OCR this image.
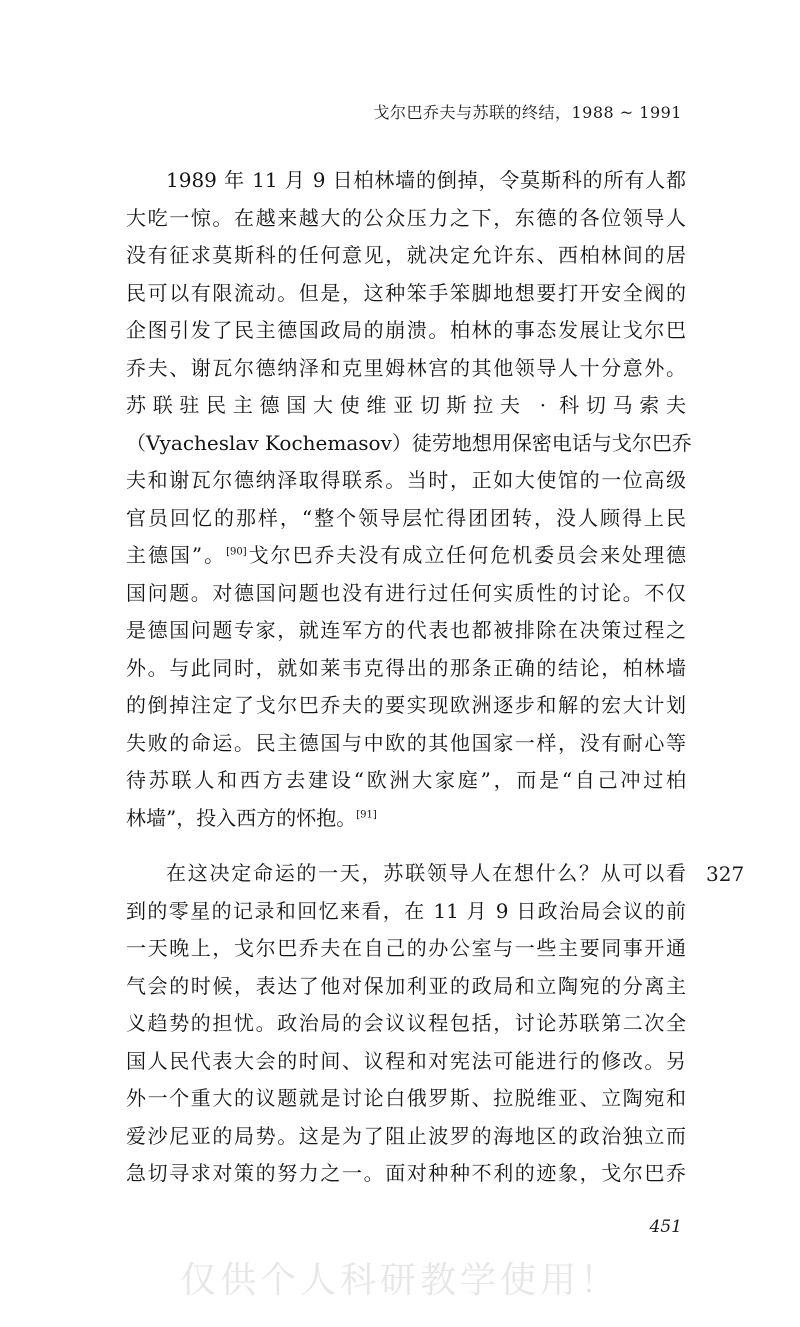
戈尔巴乔夫与苏联的终结，1988 ~ 1991
1989 年 11 月 9 日柏林墙的倒掉，令莫斯科的所有人都
大吃一惊。在越来越大的公众压力之下，东德的各位领导人
没有征求莫斯科的任何意见，就决定允许东、西柏林间的居
民可以有限流动。但是，这种笨手笨脚地想要打开安全阀的
企图引发了民主德国政局的崩溃。柏林的事态发展让戈尔巴
乔夫、谢瓦尔德纳泽和克里姆林宫的其他领导人十分意外。
苏联驻民主德国大使维亚切斯拉夫 · 科切马索夫
（Vyacheslav Kochemasov）徒劳地想用保密电话与戈尔巴乔
夫和谢瓦尔德纳泽取得联系。当时，正如大使馆的一位高级
官员回忆的那样，“整个领导层忙得团团转，没人顾得上民
主德国”。[90]戈尔巴乔夫没有成立任何危机委员会来处理德
国问题。对德国问题也没有进行过任何实质性的讨论。不仅
是德国问题专家，就连军方的代表也都被排除在决策过程之
外。与此同时，就如莱韦克得出的那条正确的结论，柏林墙
的倒掉注定了戈尔巴乔夫的要实现欧洲逐步和解的宏大计划
失败的命运。民主德国与中欧的其他国家一样，没有耐心等
待苏联人和西方去建设“欧洲大家庭”，而是“自己冲过柏
林墙”，投入西方的怀抱。[91]
在这决定命运的一天，苏联领导人在想什么？从可以看
到的零星的记录和回忆来看，在 11 月 9 日政治局会议的前
一天晚上，戈尔巴乔夫在自己的办公室与一些主要同事开通
气会的时候，表达了他对保加利亚的政局和立陶宛的分离主
义趋势的担忧。政治局的会议议程包括，讨论苏联第二次全
国人民代表大会的时间、议程和对宪法可能进行的修改。另
外一个重大的议题就是讨论白俄罗斯、拉脱维亚、立陶宛和
爱沙尼亚的局势。这是为了阻止波罗的海地区的政治独立而
急切寻求对策的努力之一。面对种种不利的迹象，戈尔巴乔
327
451
仅供个人科研教学使用！
